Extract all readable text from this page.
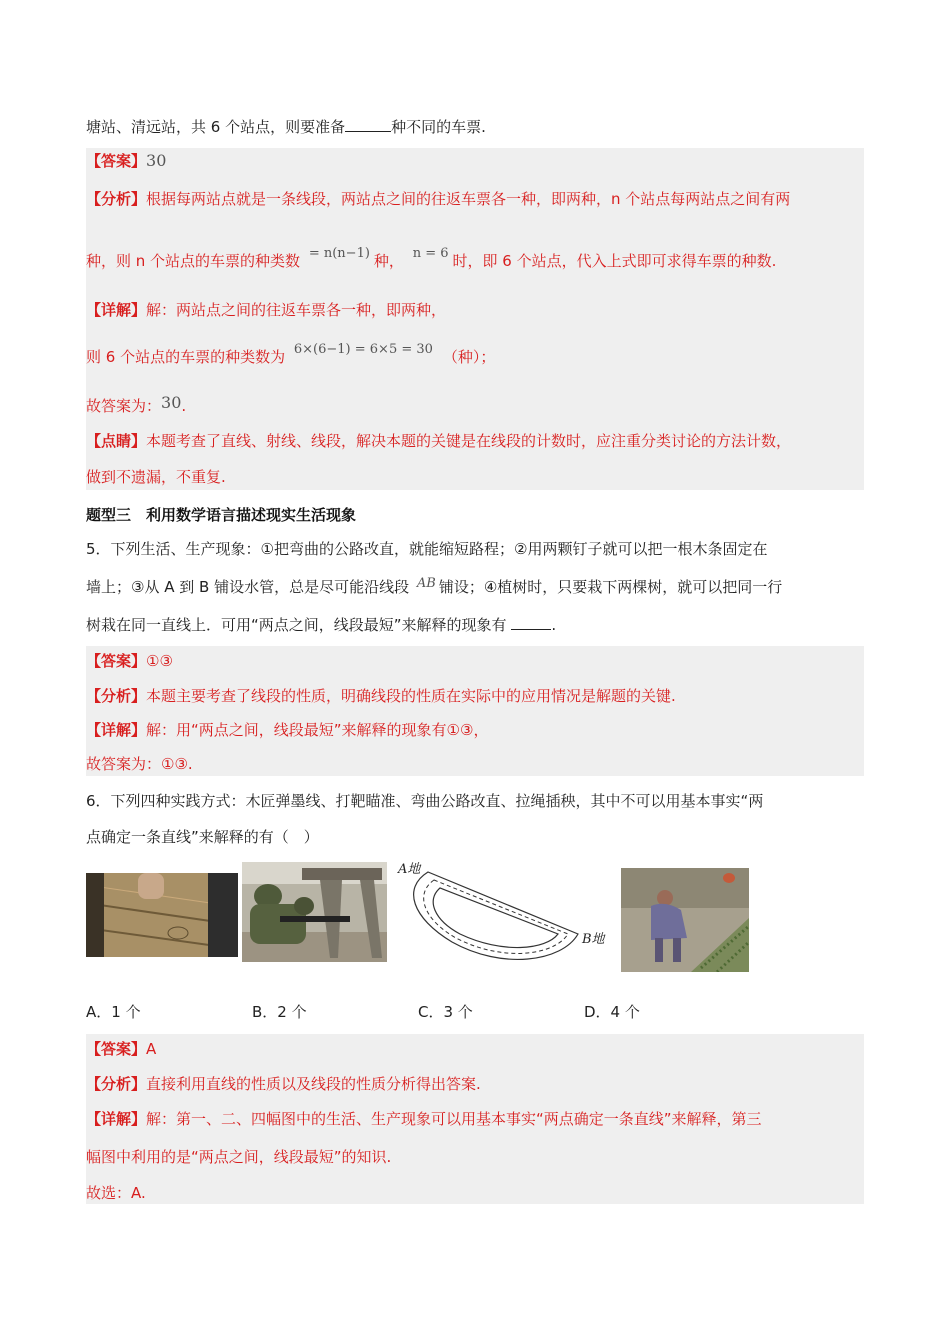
塘站、清远站，共 6 个站点，则要准备	种不同的车票.
【答案】30
【分析】根据每两站点就是一条线段，两站点之间的往返车票各一种，即两种，n 个站点每两站点之间有两
种，则 n 个站点的车票的种类数 = n(n−1) 种， n = 6 时，即 6 个站点，代入上式即可求得车票的种数.
【详解】解：两站点之间的往返车票各一种，即两种，
则 6 个站点的车票的种类数为 6×(6−1) = 6×5 = 30 （种）；
故答案为：30.
【点睛】本题考查了直线、射线、线段，解决本题的关键是在线段的计数时，应注重分类讨论的方法计数，
做到不遗漏，不重复.
题型三　利用数学语言描述现实生活现象
5．下列生活、生产现象：①把弯曲的公路改直，就能缩短路程；②用两颗钉子就可以把一根木条固定在
墙上；③从 A 到 B 铺设水管，总是尽可能沿线段 AB 铺设；④植树时，只要栽下两棵树，就可以把同一行
树栽在同一直线上．可用“两点之间，线段最短”来解释的现象有	.
【答案】①③
【分析】本题主要考查了线段的性质，明确线段的性质在实际中的应用情况是解题的关键.
【详解】解：用“两点之间，线段最短”来解释的现象有①③，
故答案为：①③.
6．下列四种实践方式：木匠弹墨线、打靶瞄准、弯曲公路改直、拉绳插秧，其中不可以用基本事实“两
点确定一条直线”来解释的有（　）
A地
B地
A．1 个	B．2 个	C．3 个	D．4 个
【答案】A
【分析】直接利用直线的性质以及线段的性质分析得出答案.
【详解】解：第一、二、四幅图中的生活、生产现象可以用基本事实“两点确定一条直线”来解释，第三
幅图中利用的是“两点之间，线段最短”的知识.
故选：A.
